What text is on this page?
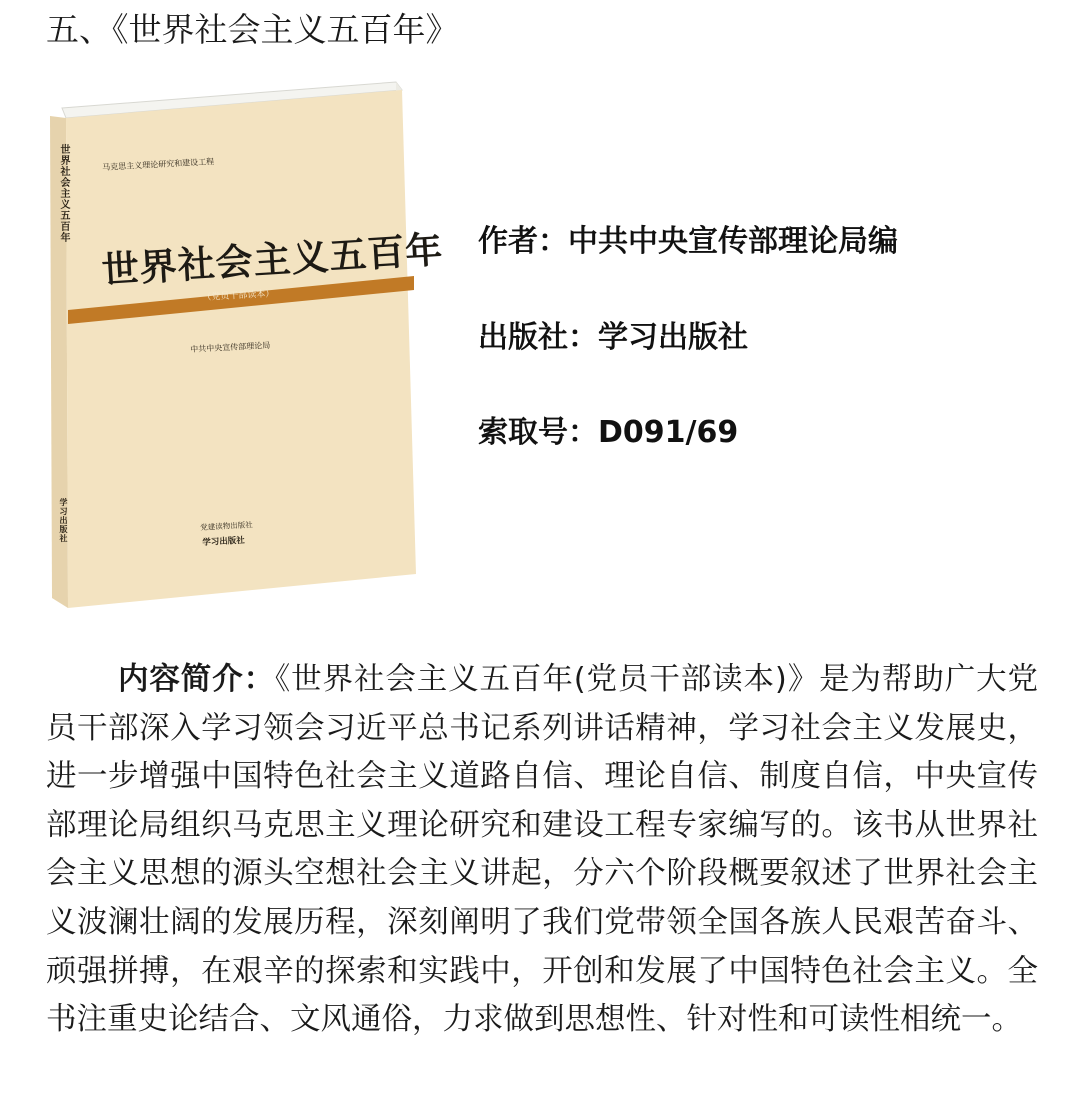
五、《世界社会主义五百年》
马克思主义理论研究和建设工程
世界社会主义五百年
（党员干部读本）
中共中央宣传部理论局
党建读物出版社
学习出版社
世界社会主义五百年
学习出版社
作者：中共中央宣传部理论局编
出版社：学习出版社
索取号：D091/69

内容简介：《世界社会主义五百年(党员干部读本)》是为帮助广大党员干部深入学习领会习近平总书记系列讲话精神，学习社会主义发展史，进一步增强中国特色社会主义道路自信、理论自信、制度自信，中央宣传部理论局组织马克思主义理论研究和建设工程专家编写的。该书从世界社会主义思想的源头空想社会主义讲起，分六个阶段概要叙述了世界社会主义波澜壮阔的发展历程，深刻阐明了我们党带领全国各族人民艰苦奋斗、顽强拼搏，在艰辛的探索和实践中，开创和发展了中国特色社会主义。全书注重史论结合、文风通俗，力求做到思想性、针对性和可读性相统一。
